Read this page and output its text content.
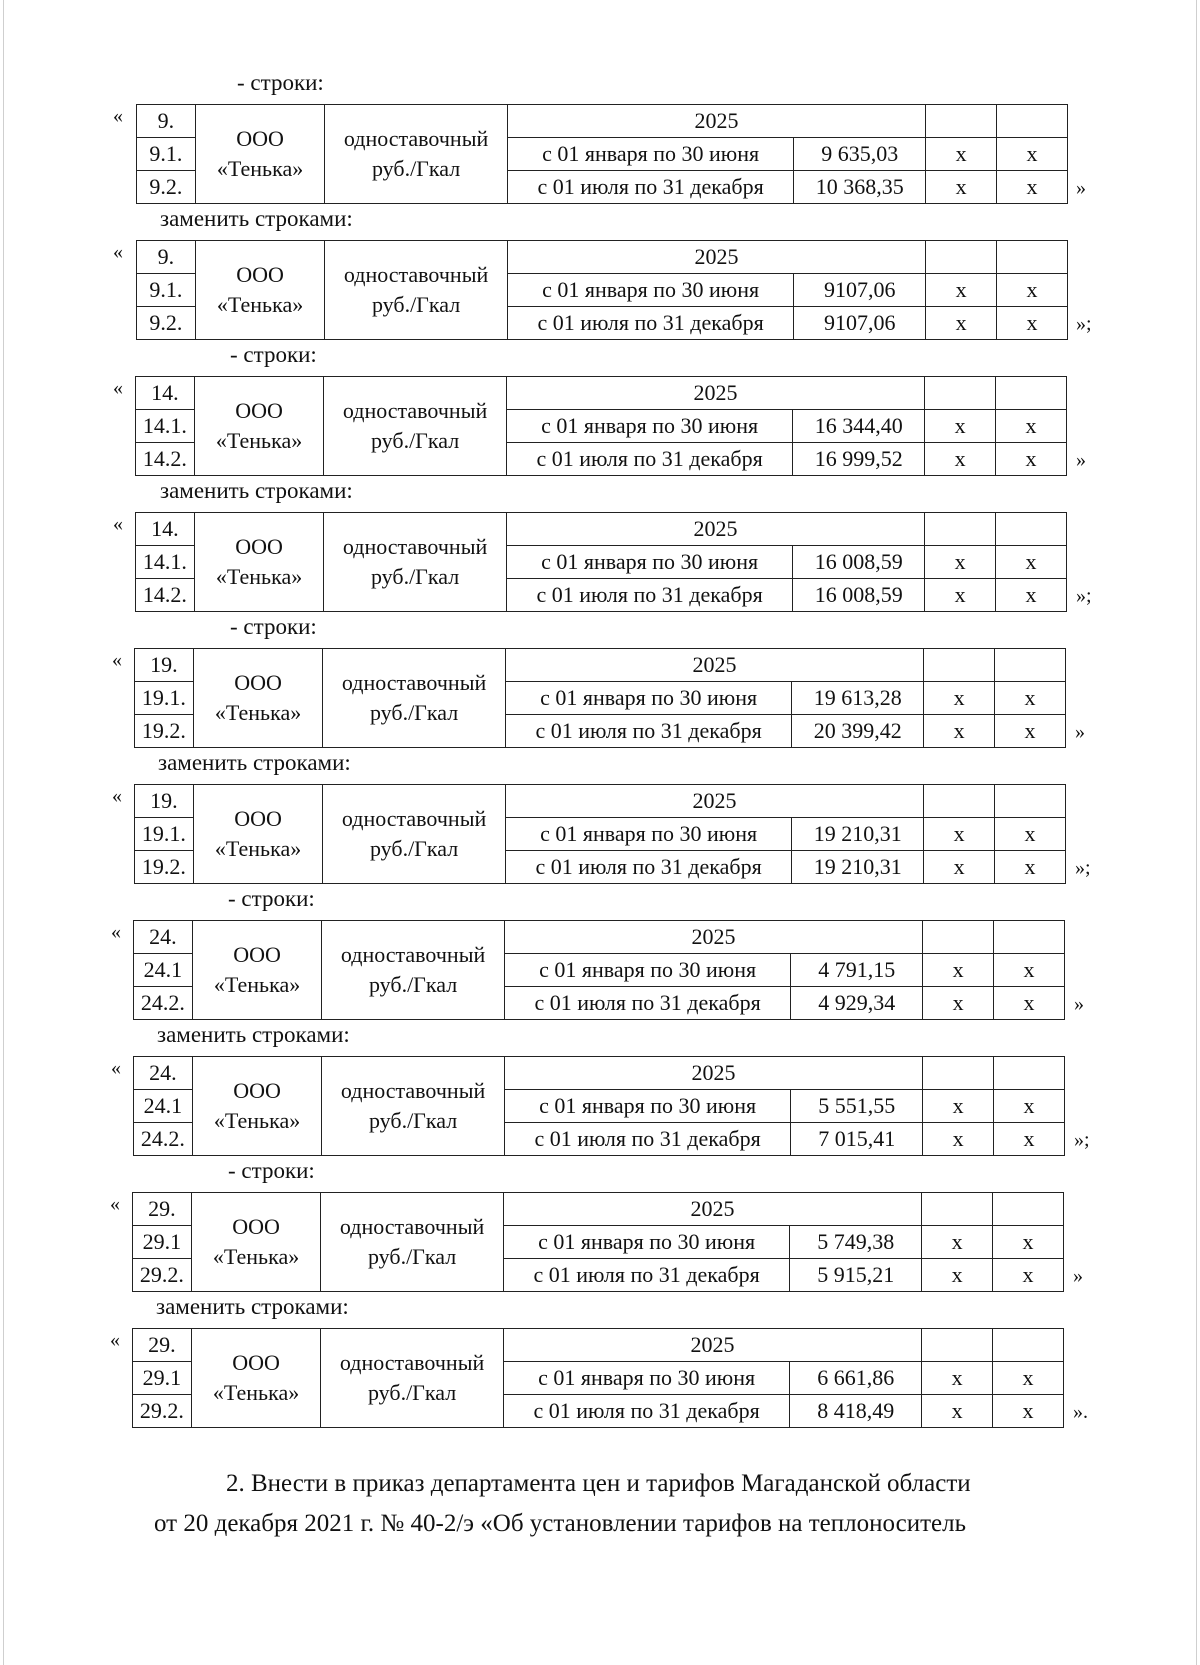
- строки:
« 9.	ООО «Тенька»	одноставочный руб./Гкал	2025			
9.1.			с 01 января по 30 июня	9 635,03	х	х
9.2.			с 01 июля по 31 декабря	10 368,35	х	х »
заменить строками:
« 9.	ООО «Тенька»	одноставочный руб./Гкал	2025			
9.1.			с 01 января по 30 июня	9107,06	х	х
9.2.			с 01 июля по 31 декабря	9107,06	х	х »;
- строки:
« 14.	ООО «Тенька»	одноставочный руб./Гкал	2025			
14.1.			с 01 января по 30 июня	16 344,40	х	х
14.2.			с 01 июля по 31 декабря	16 999,52	х	х »
заменить строками:
« 14.	ООО «Тенька»	одноставочный руб./Гкал	2025			
14.1.			с 01 января по 30 июня	16 008,59	х	х
14.2.			с 01 июля по 31 декабря	16 008,59	х	х »;
- строки:
« 19.	ООО «Тенька»	одноставочный руб./Гкал	2025			
19.1.			с 01 января по 30 июня	19 613,28	х	х
19.2.			с 01 июля по 31 декабря	20 399,42	х	х »
заменить строками:
« 19.	ООО «Тенька»	одноставочный руб./Гкал	2025			
19.1.			с 01 января по 30 июня	19 210,31	х	х
19.2.			с 01 июля по 31 декабря	19 210,31	х	х »;
- строки:
« 24.	ООО «Тенька»	одноставочный руб./Гкал	2025			
24.1			с 01 января по 30 июня	4 791,15	х	х
24.2.			с 01 июля по 31 декабря	4 929,34	х	х »
заменить строками:
« 24.	ООО «Тенька»	одноставочный руб./Гкал	2025			
24.1			с 01 января по 30 июня	5 551,55	х	х
24.2.			с 01 июля по 31 декабря	7 015,41	х	х »;
- строки:
« 29.	ООО «Тенька»	одноставочный руб./Гкал	2025			
29.1			с 01 января по 30 июня	5 749,38	х	х
29.2.			с 01 июля по 31 декабря	5 915,21	х	х »
заменить строками:
« 29.	ООО «Тенька»	одноставочный руб./Гкал	2025			
29.1			с 01 января по 30 июня	6 661,86	х	х
29.2.			с 01 июля по 31 декабря	8 418,49	х	х ».

2. Внести в приказ департамента цен и тарифов Магаданской области

от 20 декабря 2021 г. № 40-2/э «Об установлении тарифов на теплоноситель
